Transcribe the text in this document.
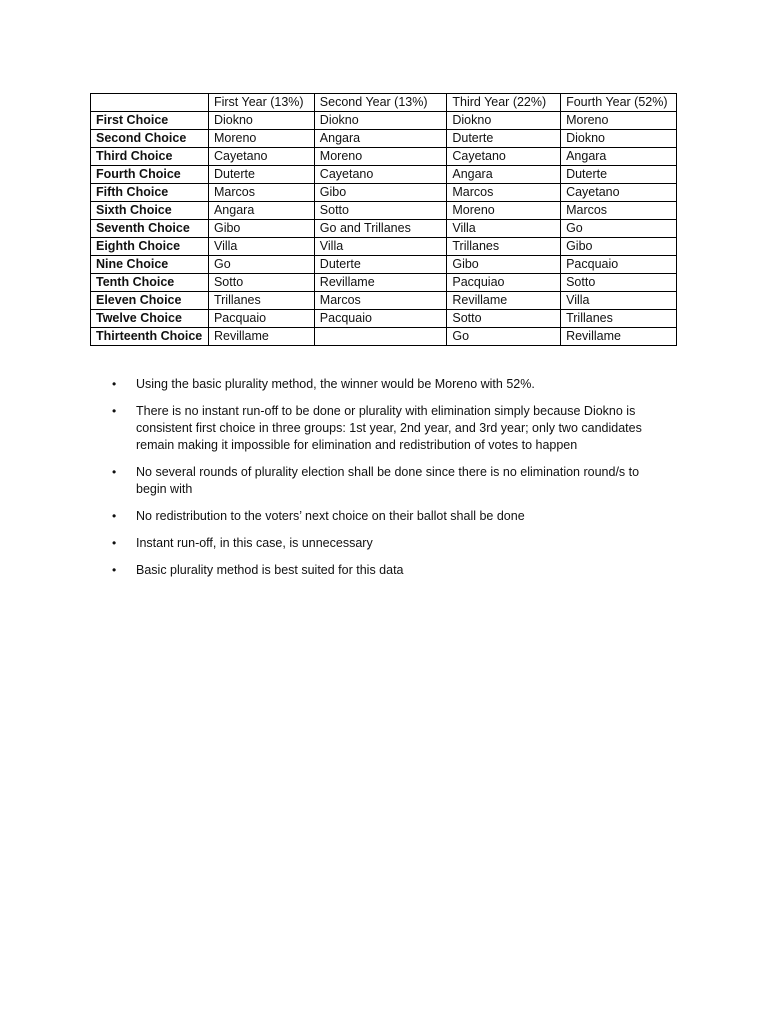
	First Year (13%)	Second Year (13%)	Third Year (22%)	Fourth Year (52%)
First Choice	Diokno	Diokno	Diokno	Moreno
Second Choice	Moreno	Angara	Duterte	Diokno
Third Choice	Cayetano	Moreno	Cayetano	Angara
Fourth Choice	Duterte	Cayetano	Angara	Duterte
Fifth Choice	Marcos	Gibo	Marcos	Cayetano
Sixth Choice	Angara	Sotto	Moreno	Marcos
Seventh Choice	Gibo	Go and Trillanes	Villa	Go
Eighth Choice	Villa	Villa	Trillanes	Gibo
Nine Choice	Go	Duterte	Gibo	Pacquaio
Tenth Choice	Sotto	Revillame	Pacquiao	Sotto
Eleven Choice	Trillanes	Marcos	Revillame	Villa
Twelve Choice	Pacquaio	Pacquaio	Sotto	Trillanes
Thirteenth Choice	Revillame		Go	Revillame
• Using the basic plurality method, the winner would be Moreno with 52%.
• There is no instant run-off to be done or plurality with elimination simply because Diokno is consistent first choice in three groups: 1st year, 2nd year, and 3rd year; only two candidates remain making it impossible for elimination and redistribution of votes to happen
• No several rounds of plurality election shall be done since there is no elimination round/s to begin with
• No redistribution to the voters’ next choice on their ballot shall be done
• Instant run-off, in this case, is unnecessary
• Basic plurality method is best suited for this data
